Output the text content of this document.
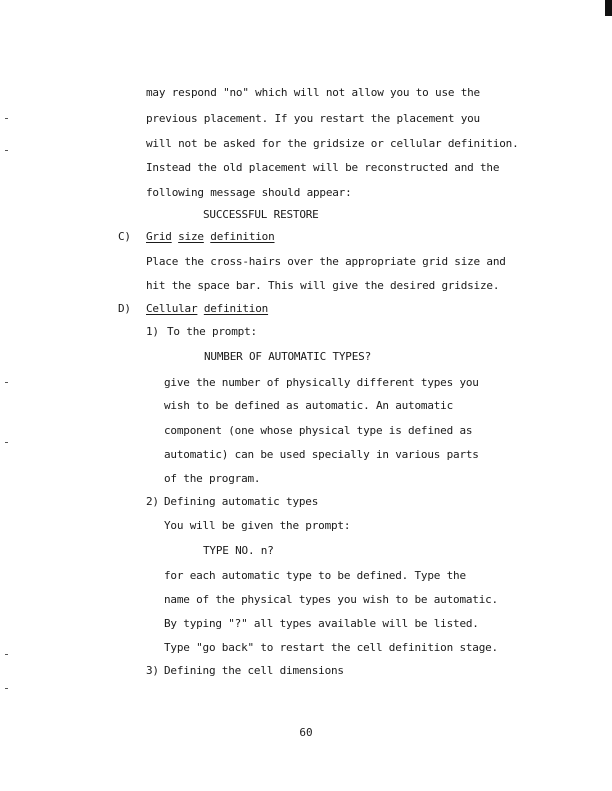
may respond "no" which will not allow you to use the
previous placement. If you restart the placement you
will not be asked for the gridsize or cellular definition.
Instead the old placement will be reconstructed and the
following message should appear:
SUCCESSFUL RESTORE
C) Grid size definition
Place the cross-hairs over the appropriate grid size and
hit the space bar. This will give the desired gridsize.
D) Cellular definition
1) To the prompt:
NUMBER OF AUTOMATIC TYPES?
give the number of physically different types you
wish to be defined as automatic. An automatic
component (one whose physical type is defined as
automatic) can be used specially in various parts
of the program.
2) Defining automatic types
You will be given the prompt:
TYPE NO. n?
for each automatic type to be defined. Type the
name of the physical types you wish to be automatic.
By typing "?" all types available will be listed.
Type "go back" to restart the cell definition stage.
3) Defining the cell dimensions
60
